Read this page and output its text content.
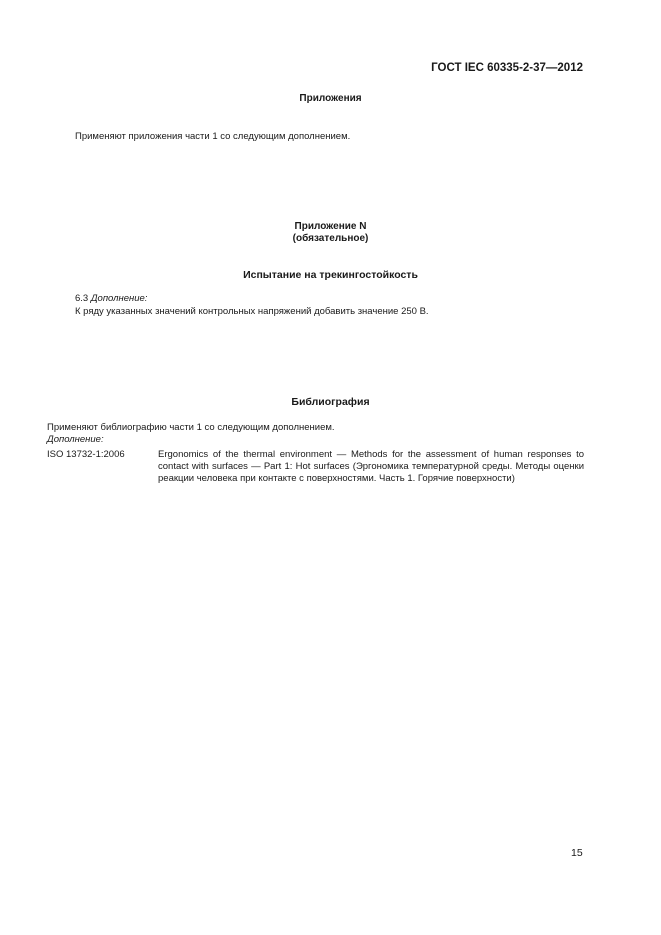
ГОСТ IEC 60335-2-37—2012
Приложения
Применяют приложения части 1 со следующим дополнением.
Приложение N
(обязательное)
Испытание на трекингостойкость
6.3 Дополнение:
К ряду указанных значений контрольных напряжений добавить значение 250 В.
Библиография
Применяют библиографию части 1 со следующим дополнением.
Дополнение:
ISO 13732-1:2006	Ergonomics of the thermal environment — Methods for the assessment of human responses to contact with surfaces — Part 1: Hot surfaces (Эргономика температурной среды. Методы оценки реакции человека при контакте с поверхностями. Часть 1. Горячие поверхности)
15
